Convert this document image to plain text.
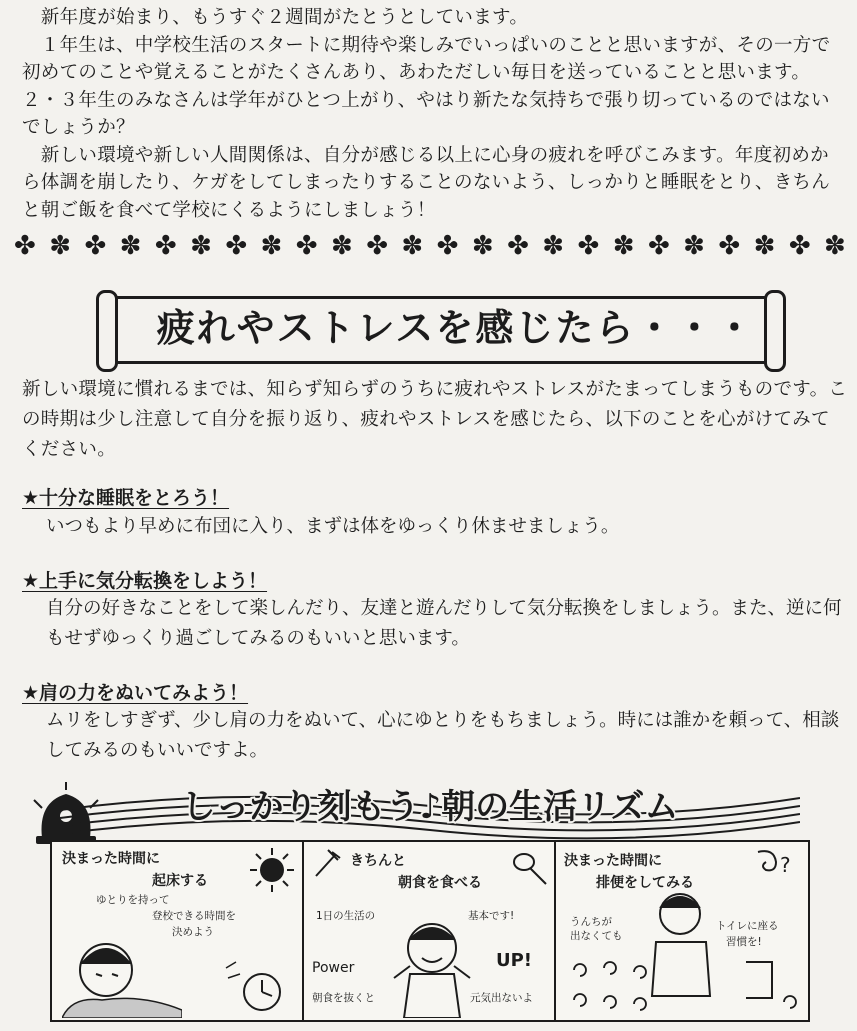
　新年度が始まり、もうすぐ２週間がたとうとしています。

　１年生は、中学校生活のスタートに期待や楽しみでいっぱいのことと思いますが、その一方で初めてのことや覚えることがたくさんあり、あわただしい毎日を送っていることと思います。２・３年生のみなさんは学年がひとつ上がり、やはり新たな気持ちで張り切っているのではないでしょうか？

　新しい環境や新しい人間関係は、自分が感じる以上に心身の疲れを呼びこみます。年度初めから体調を崩したり、ケガをしてしまったりすることのないよう、しっかりと睡眠をとり、きちんと朝ご飯を食べて学校にくるようにしましょう！

✤ ✽ ✤ ✽ ✤ ✽ ✤ ✽ ✤ ✽ ✤ ✽ ✤ ✽ ✤ ✽ ✤ ✽ ✤ ✽ ✤ ✽ ✤ ✽
疲れやストレスを感じたら・・・

新しい環境に慣れるまでは、知らず知らずのうちに疲れやストレスがたまってしまうものです。この時期は少し注意して自分を振り返り、疲れやストレスを感じたら、以下のことを心がけてみてください。

★十分な睡眠をとろう！
いつもより早めに布団に入り、まずは体をゆっくり休ませましょう。
★上手に気分転換をしよう！
自分の好きなことをして楽しんだり、友達と遊んだりして気分転換をしましょう。また、逆に何もせずゆっくり過ごしてみるのもいいと思います。
★肩の力をぬいてみよう！
ムリをしすぎず、少し肩の力をぬいて、心にゆとりをもちましょう。時には誰かを頼って、相談してみるのもいいですよ。
しっかり刻もう♪朝の生活リズム
決まった時間に
起床する
ゆとりを持って
登校できる時間を
決めよう
きちんと
朝食を食べる
1日の生活の	基本です!
Power	UP!
朝食を抜くと	元気出ないよ
決まった時間に
排便をしてみる
?
うんちが
出なくても
トイレに座る
習慣を!
